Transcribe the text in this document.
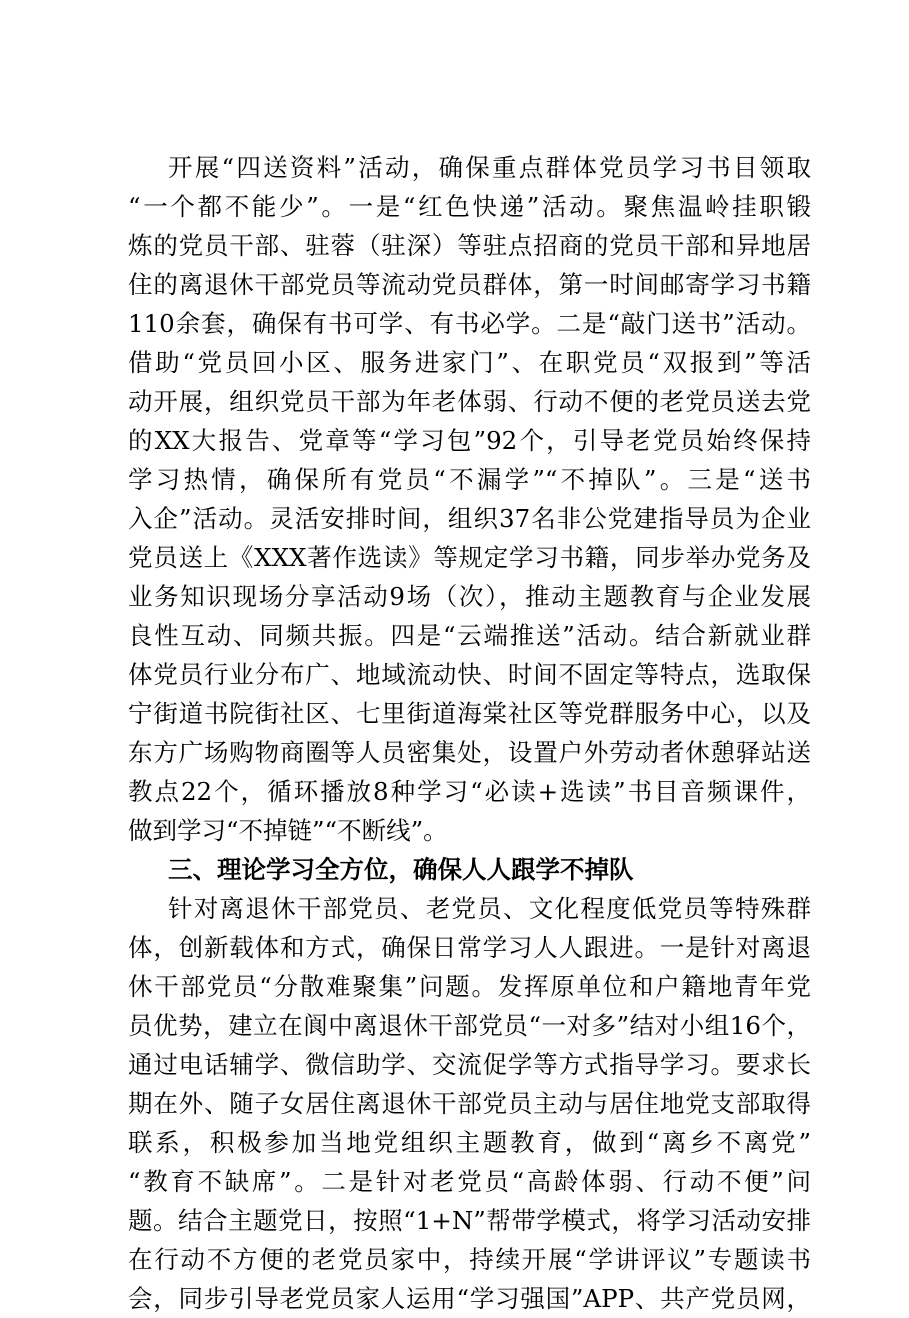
开展“四送资料”活动，确保重点群体党员学习书目领取
“一个都不能少”。一是“红色快递”活动。聚焦温岭挂职锻
炼的党员干部、驻蓉（驻深）等驻点招商的党员干部和异地居
住的离退休干部党员等流动党员群体，第一时间邮寄学习书籍
110余套，确保有书可学、有书必学。二是“敲门送书”活动。
借助“党员回小区、服务进家门”、在职党员“双报到”等活
动开展，组织党员干部为年老体弱、行动不便的老党员送去党
的XX大报告、党章等“学习包”92个，引导老党员始终保持
学习热情，确保所有党员“不漏学”“不掉队”。三是“送书
入企”活动。灵活安排时间，组织37名非公党建指导员为企业
党员送上《XXX著作选读》等规定学习书籍，同步举办党务及
业务知识现场分享活动9场（次），推动主题教育与企业发展
良性互动、同频共振。四是“云端推送”活动。结合新就业群
体党员行业分布广、地域流动快、时间不固定等特点，选取保
宁街道书院街社区、七里街道海棠社区等党群服务中心，以及
东方广场购物商圈等人员密集处，设置户外劳动者休憩驿站送
教点22个，循环播放8种学习“必读+选读”书目音频课件，
做到学习“不掉链”“不断线”。
三、理论学习全方位，确保人人跟学不掉队
针对离退休干部党员、老党员、文化程度低党员等特殊群
体，创新载体和方式，确保日常学习人人跟进。一是针对离退
休干部党员“分散难聚集”问题。发挥原单位和户籍地青年党
员优势，建立在阆中离退休干部党员“一对多”结对小组16个，
通过电话辅学、微信助学、交流促学等方式指导学习。要求长
期在外、随子女居住离退休干部党员主动与居住地党支部取得
联系，积极参加当地党组织主题教育，做到“离乡不离党”
“教育不缺席”。二是针对老党员“高龄体弱、行动不便”问
题。结合主题党日，按照“1+N”帮带学模式，将学习活动安排
在行动不方便的老党员家中，持续开展“学讲评议”专题读书
会，同步引导老党员家人运用“学习强国”APP、共产党员网，
